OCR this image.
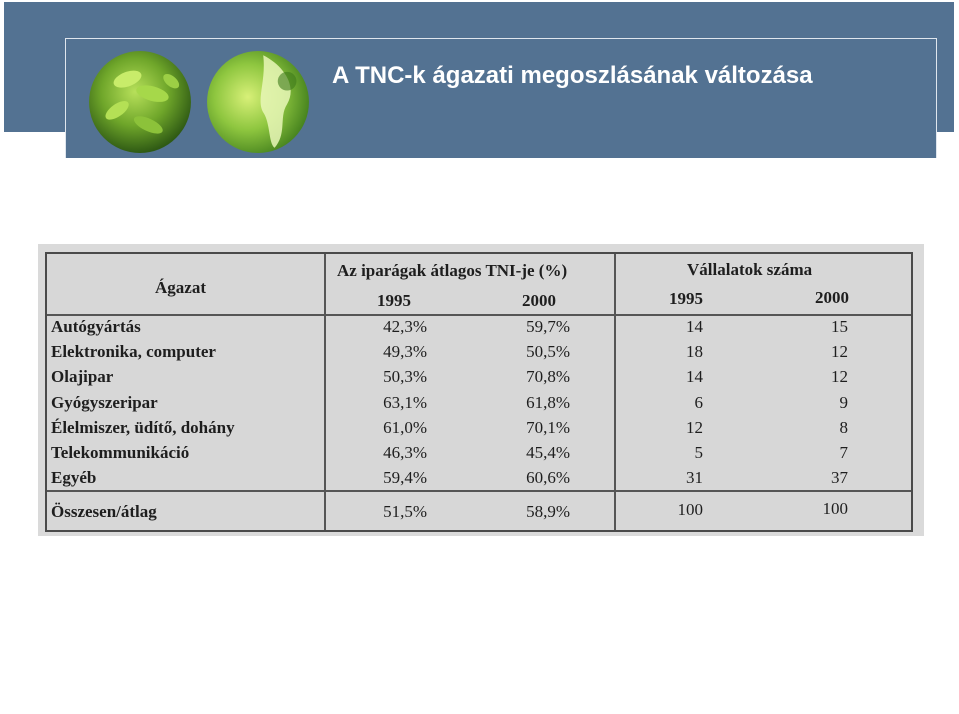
A TNC-k ágazati megoszlásának változása
Ágazat
Az iparágak átlagos TNI-je (%)	Vállalatok száma
1995	2000	1995	2000
Autógyártás	42,3%	59,7%	14	15
Elektronika, computer	49,3%	50,5%	18	12
Olajipar	50,3%	70,8%	14	12
Gyógyszeripar	63,1%	61,8%	6	9
Élelmiszer, üdítő, dohány	61,0%	70,1%	12	8
Telekommunikáció	46,3%	45,4%	5	7
Egyéb	59,4%	60,6%	31	37
Összesen/átlag	51,5%	58,9%	100	100
